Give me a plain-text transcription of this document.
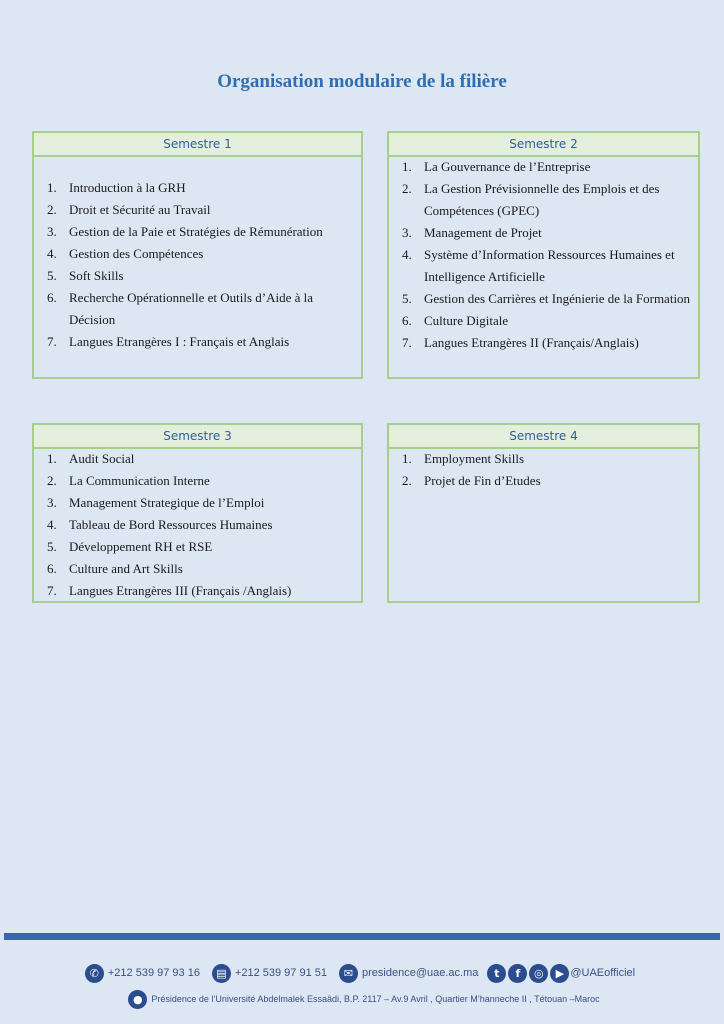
Organisation modulaire de la filière
Semestre 1
1. Introduction à la GRH
2. Droit et Sécurité au Travail
3. Gestion de la Paie et Stratégies de Rémunération
4. Gestion des Compétences
5. Soft Skills
6. Recherche Opérationnelle et Outils d’Aide à la Décision
7. Langues Etrangères I : Français et Anglais
Semestre 2
1. La Gouvernance de l’Entreprise
2. La Gestion Prévisionnelle des Emplois et des Compétences (GPEC)
3. Management de Projet
4. Système d’Information Ressources Humaines et Intelligence Artificielle
5. Gestion des Carrières et Ingénierie de la Formation
6. Culture Digitale
7. Langues Etrangères II (Français/Anglais)
Semestre 3
1. Audit Social
2. La Communication Interne
3. Management Strategique de l’Emploi
4. Tableau de Bord Ressources Humaines
5. Développement RH et RSE
6. Culture and Art Skills
7. Langues Etrangères III (Français /Anglais)
Semestre 4
1. Employment Skills
2. Projet de Fin d’Etudes
✆ +212 539 97 93 16	▤ +212 539 97 91 51	✉ presidence@uae.ac.ma	t	f	◎	▶ @UAEofficiel
● Présidence de l’Université Abdelmalek Essaâdi, B.P. 2117 – Av.9 Avril , Quartier M’hanneche II , Tétouan –Maroc
